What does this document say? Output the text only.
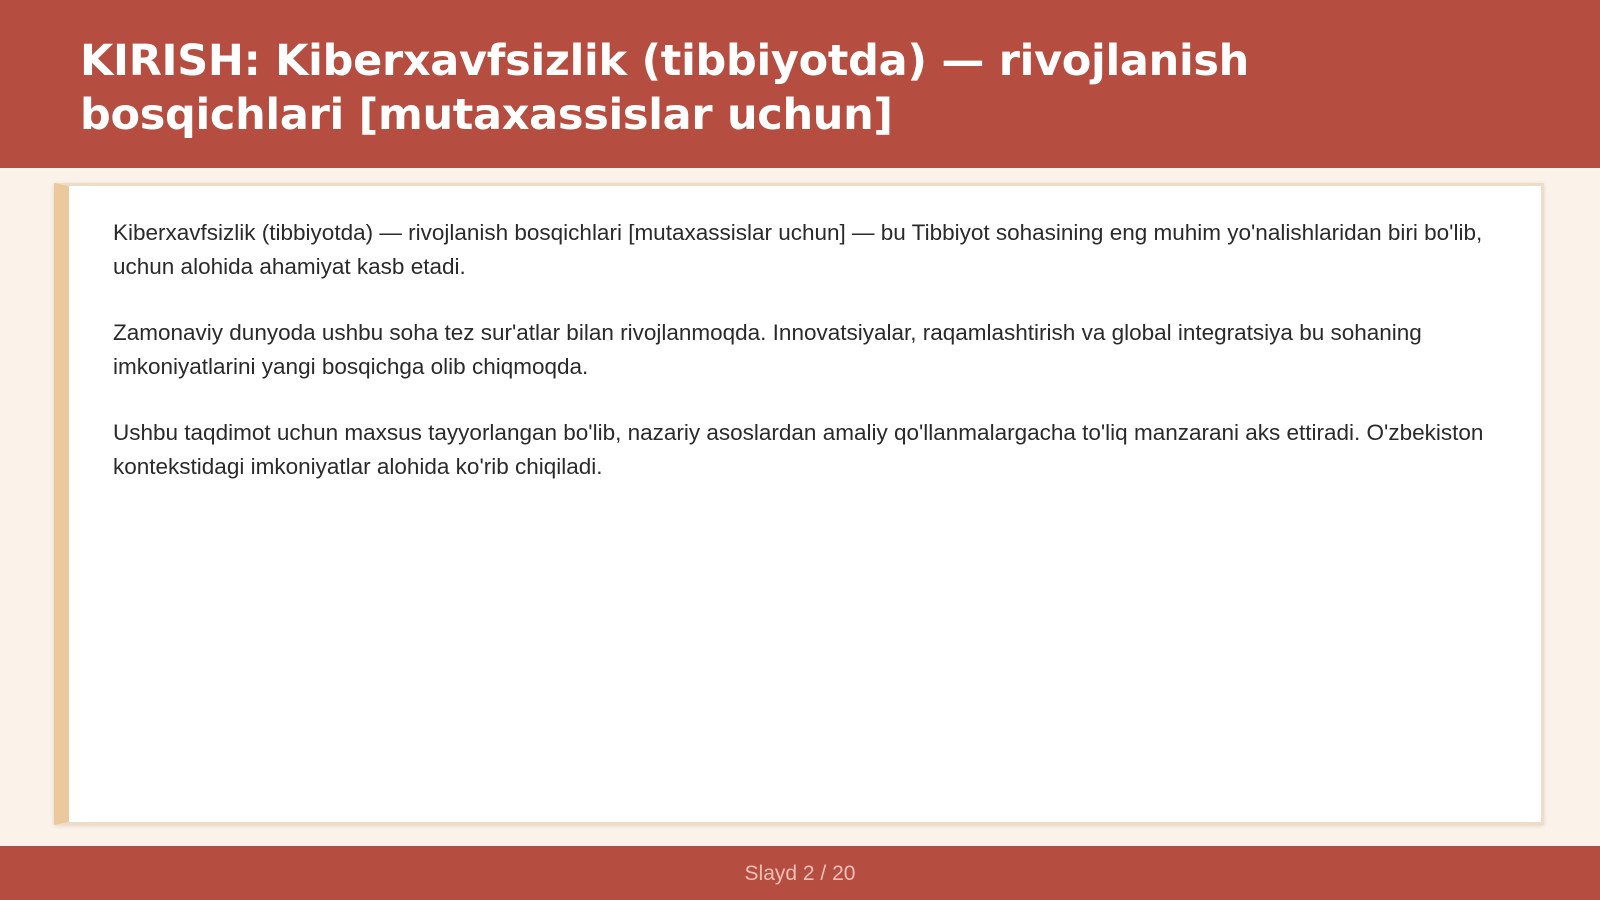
KIRISH: Kiberxavfsizlik (tibbiyotda) — rivojlanish bosqichlari [mutaxassislar uchun]

Kiberxavfsizlik (tibbiyotda) — rivojlanish bosqichlari [mutaxassislar uchun] — bu Tibbiyot sohasining eng muhim yo'nalishlaridan biri bo'lib, uchun alohida ahamiyat kasb etadi.

Zamonaviy dunyoda ushbu soha tez sur'atlar bilan rivojlanmoqda. Innovatsiyalar, raqamlashtirish va global integratsiya bu sohaning imkoniyatlarini yangi bosqichga olib chiqmoqda.

Ushbu taqdimot uchun maxsus tayyorlangan bo'lib, nazariy asoslardan amaliy qo'llanmalargacha to'liq manzarani aks ettiradi. O'zbekiston kontekstidagi imkoniyatlar alohida ko'rib chiqiladi.

Slayd 2 / 20
